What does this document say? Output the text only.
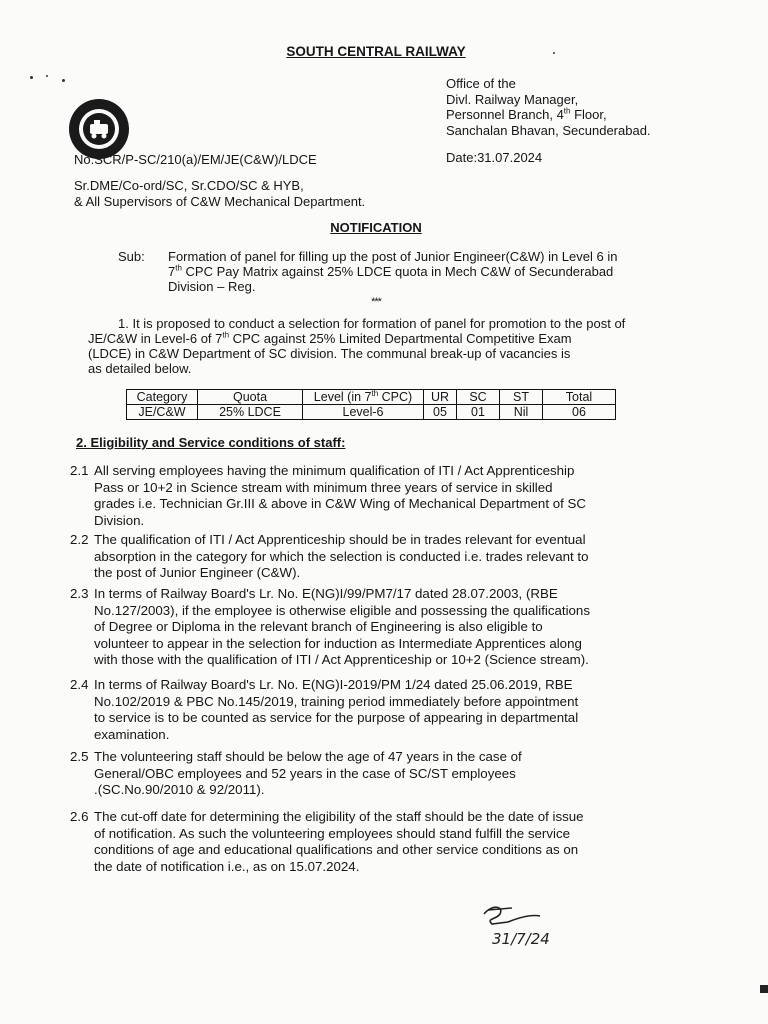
SOUTH CENTRAL RAILWAY
Office of the
Divl. Railway Manager,
Personnel Branch, 4th Floor,
Sanchalan Bhavan, Secunderabad.
No.SCR/P-SC/210(a)/EM/JE(C&W)/LDCE	Date:31.07.2024
Sr.DME/Co-ord/SC, Sr.CDO/SC & HYB,
& All Supervisors of C&W Mechanical Department.
NOTIFICATION
Sub: Formation of panel for filling up the post of Junior Engineer(C&W) in Level 6 in
7th CPC Pay Matrix against 25% LDCE quota in Mech C&W of Secunderabad
Division – Reg.
***
1. It is proposed to conduct a selection for formation of panel for promotion to the post of
JE/C&W in Level-6 of 7th CPC against 25% Limited Departmental Competitive Exam
(LDCE) in C&W Department of SC division. The communal break-up of vacancies is
as detailed below.
Category	Quota	Level (in 7th CPC)	UR	SC	ST	Total
JE/C&W	25% LDCE	Level-6	05	01	Nil	06
2. Eligibility and Service conditions of staff:
2.1 All serving employees having the minimum qualification of ITI / Act Apprenticeship
Pass or 10+2 in Science stream with minimum three years of service in skilled
grades i.e. Technician Gr.III & above in C&W Wing of Mechanical Department of SC
Division.
2.2 The qualification of ITI / Act Apprenticeship should be in trades relevant for eventual
absorption in the category for which the selection is conducted i.e. trades relevant to
the post of Junior Engineer (C&W).
2.3 In terms of Railway Board's Lr. No. E(NG)I/99/PM7/17 dated 28.07.2003, (RBE
No.127/2003), if the employee is otherwise eligible and possessing the qualifications
of Degree or Diploma in the relevant branch of Engineering is also eligible to
volunteer to appear in the selection for induction as Intermediate Apprentices along
with those with the qualification of ITI / Act Apprenticeship or 10+2 (Science stream).
2.4 In terms of Railway Board's Lr. No. E(NG)I-2019/PM 1/24 dated 25.06.2019, RBE
No.102/2019 & PBC No.145/2019, training period immediately before appointment
to service is to be counted as service for the purpose of appearing in departmental
examination.
2.5 The volunteering staff should be below the age of 47 years in the case of
General/OBC employees and 52 years in the case of SC/ST employees
.(SC.No.90/2010 & 92/2011).
2.6 The cut-off date for determining the eligibility of the staff should be the date of issue
of notification. As such the volunteering employees should stand fulfill the service
conditions of age and educational qualifications and other service conditions as on
the date of notification i.e., as on 15.07.2024.
31/7/24
